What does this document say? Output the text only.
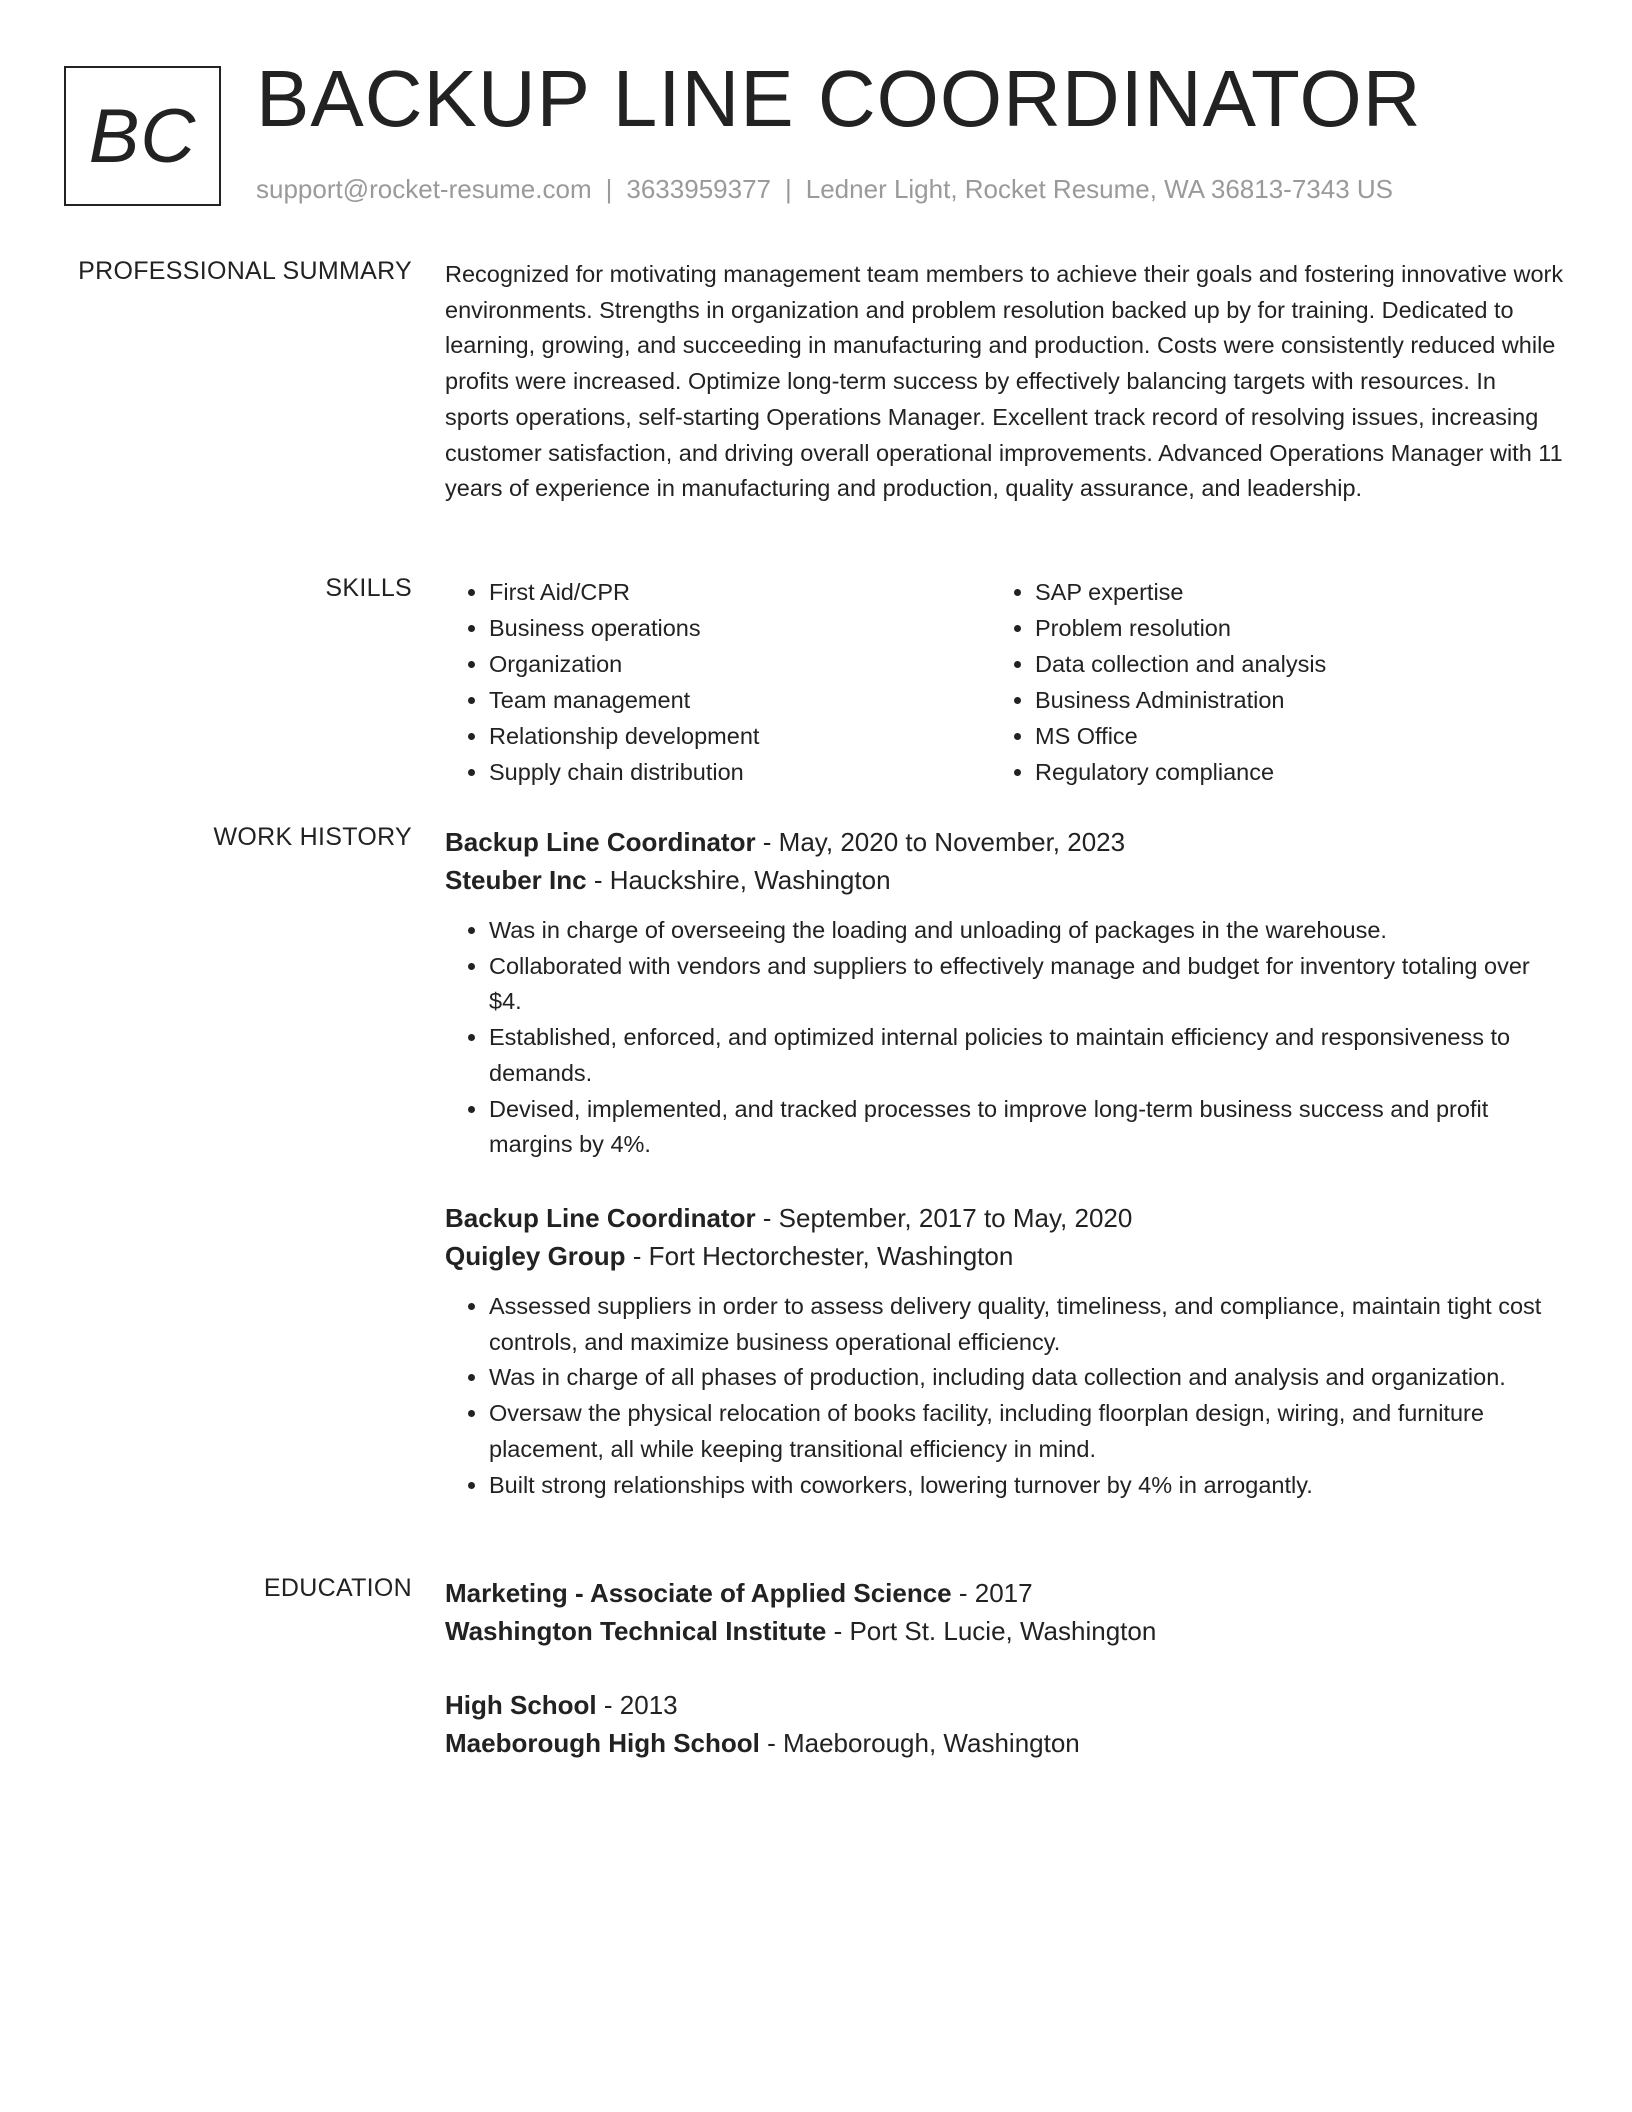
BC BACKUP LINE COORDINATOR
support@rocket-resume.com | 3633959377 | Ledner Light, Rocket Resume, WA 36813-7343 US
PROFESSIONAL SUMMARY Recognized for motivating management team members to achieve their goals and fostering innovative work environments. Strengths in organization and problem resolution backed up by for training. Dedicated to learning, growing, and succeeding in manufacturing and production. Costs were consistently reduced while profits were increased. Optimize long-term success by effectively balancing targets with resources. In sports operations, self-starting Operations Manager. Excellent track record of resolving issues, increasing customer satisfaction, and driving overall operational improvements. Advanced Operations Manager with 11 years of experience in manufacturing and production, quality assurance, and leadership.
SKILLS
•	First Aid/CPR
• Business operations
• Organization
• Team management
• Relationship development
• Supply chain distribution
• SAP expertise
• Problem resolution
• Data collection and analysis
• Business Administration
• MS Office
• Regulatory compliance
WORK HISTORY Backup Line Coordinator - May, 2020 to November, 2023
Steuber Inc - Hauckshire, Washington
• Was in charge of overseeing the loading and unloading of packages in the warehouse.
• Collaborated with vendors and suppliers to effectively manage and budget for inventory totaling over $4.
• Established, enforced, and optimized internal policies to maintain efficiency and responsiveness to demands.
• Devised, implemented, and tracked processes to improve long-term business success and profit margins by 4%.
Backup Line Coordinator - September, 2017 to May, 2020
Quigley Group - Fort Hectorchester, Washington
• Assessed suppliers in order to assess delivery quality, timeliness, and compliance, maintain tight cost controls, and maximize business operational efficiency.
• Was in charge of all phases of production, including data collection and analysis and organization.
• Oversaw the physical relocation of books facility, including floorplan design, wiring, and furniture placement, all while keeping transitional efficiency in mind.
• Built strong relationships with coworkers, lowering turnover by 4% in arrogantly.
EDUCATION Marketing - Associate of Applied Science - 2017
Washington Technical Institute - Port St. Lucie, Washington
High School - 2013
Maeborough High School - Maeborough, Washington
